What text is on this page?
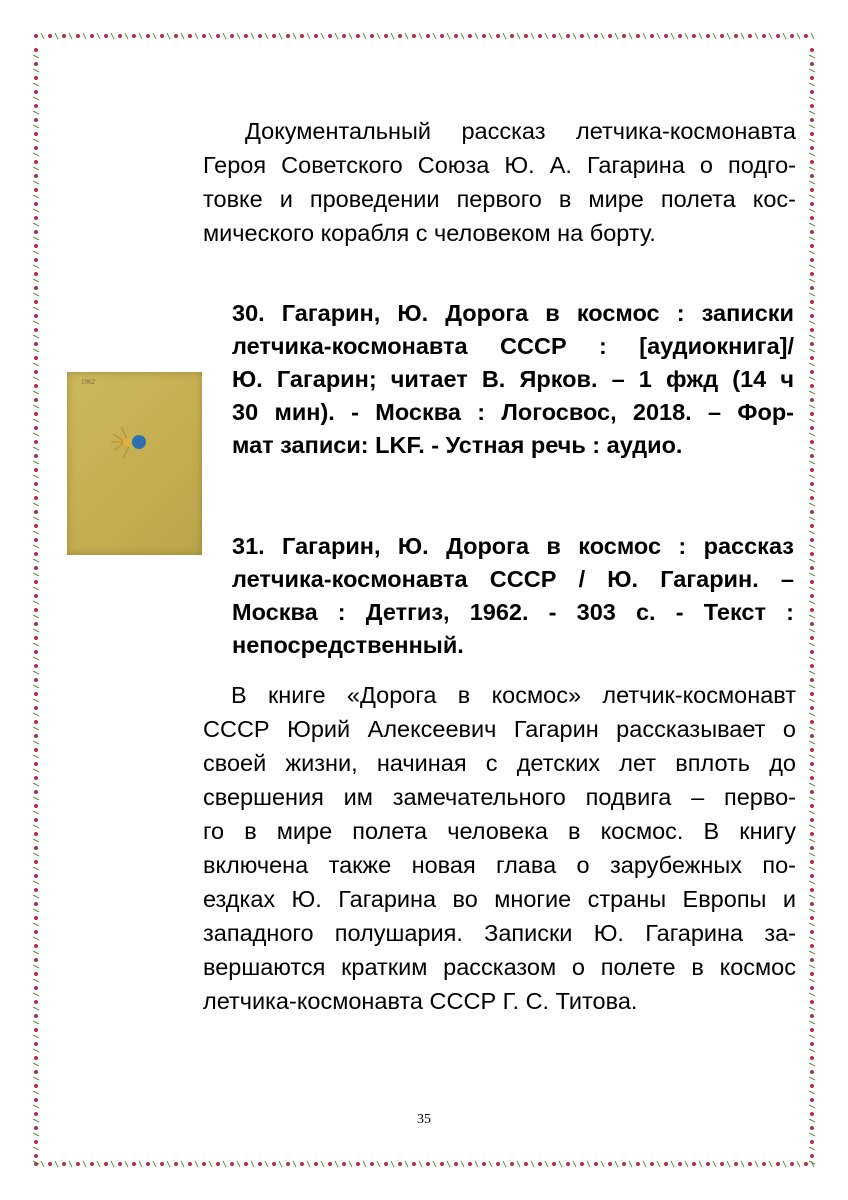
Документальный рассказ летчика-космонавта
Героя Советского Союза Ю. А. Гагарина о подго-
товке и проведении первого в мире полета кос-
мического корабля с человеком на борту.
30. Гагарин, Ю. Дорога в космос : записки
летчика-космонавта СССР : [аудиокнига]/
Ю. Гагарин; читает В. Ярков. – 1 фжд (14 ч
30 мин). - Москва : Логосвос, 2018. – Фор-
мат записи: LKF. - Устная речь : аудио.
1962
31. Гагарин, Ю. Дорога в космос : рассказ
летчика-космонавта СССР / Ю. Гагарин. –
Москва : Детгиз, 1962. - 303 с. - Текст :
непосредственный.
В книге «Дорога в космос» летчик-космонавт
СССР Юрий Алексеевич Гагарин рассказывает о
своей жизни, начиная с детских лет вплоть до
свершения им замечательного подвига – перво-
го в мире полета человека в космос. В книгу
включена также новая глава о зарубежных по-
ездках Ю. Гагарина во многие страны Европы и
западного полушария. Записки Ю. Гагарина за-
вершаются кратким рассказом о полете в космос
летчика-космонавта СССР Г. С. Титова.
35
